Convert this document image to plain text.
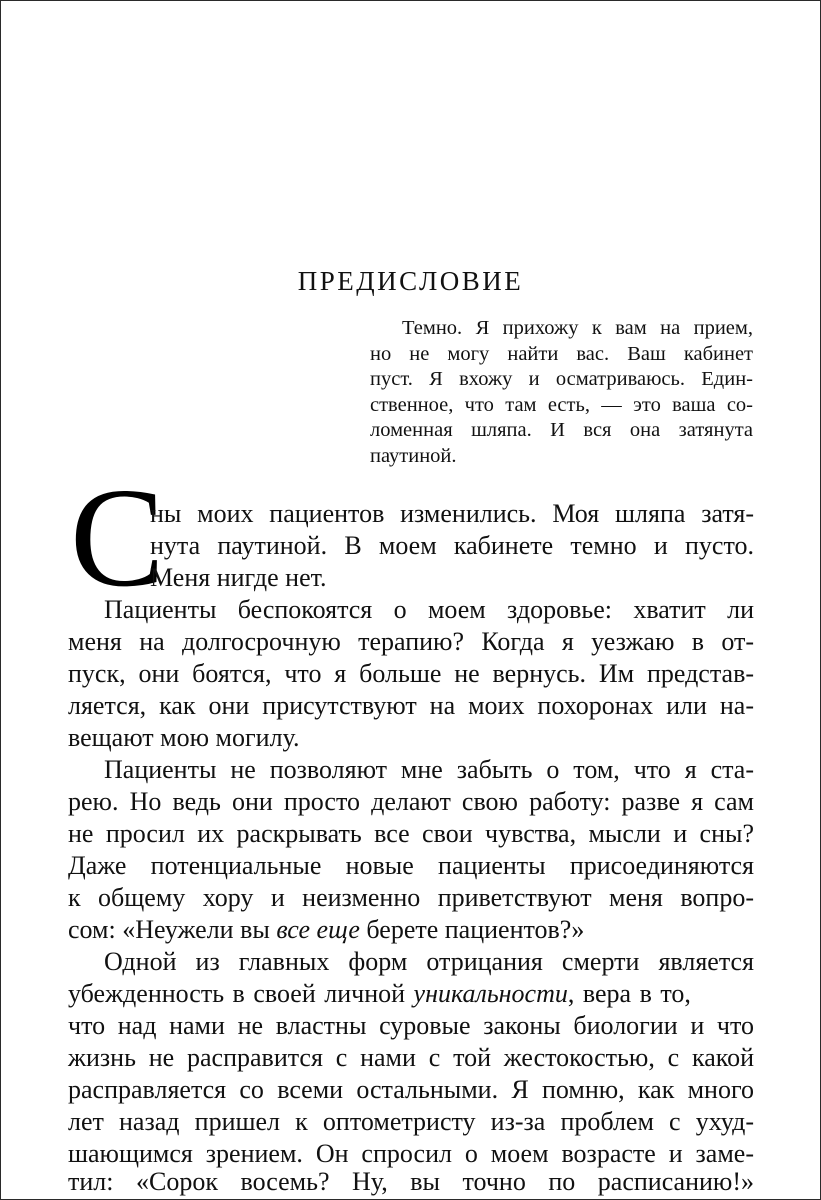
ПРЕДИСЛОВИЕ
Темно. Я прихожу к вам на прием,
но не могу найти вас. Ваш кабинет
пуст. Я вхожу и осматриваюсь. Един-
ственное, что там есть, — это ваша со-
ломенная шляпа. И вся она затянута
паутиной.
С
ны моих пациентов изменились. Моя шляпа затя-
нута паутиной. В моем кабинете темно и пусто.
Меня нигде нет.
Пациенты беспокоятся о моем здоровье: хватит ли
меня на долгосрочную терапию? Когда я уезжаю в от-
пуск, они боятся, что я больше не вернусь. Им представ-
ляется, как они присутствуют на моих похоронах или на-
вещают мою могилу.
Пациенты не позволяют мне забыть о том, что я ста-
рею. Но ведь они просто делают свою работу: разве я сам
не просил их раскрывать все свои чувства, мысли и сны?
Даже потенциальные новые пациенты присоединяются
к общему хору и неизменно приветствуют меня вопро-
сом: «Неужели вы все еще берете пациентов?»
Одной из главных форм отрицания смерти является
убежденность в своей личной уникальности, вера в то,
что над нами не властны суровые законы биологии и что
жизнь не расправится с нами с той жестокостью, с какой
расправляется со всеми остальными. Я помню, как много
лет назад пришел к оптометристу из-за проблем с ухуд-
шающимся зрением. Он спросил о моем возрасте и заме-
тил: «Сорок восемь? Ну, вы точно по расписанию!»
